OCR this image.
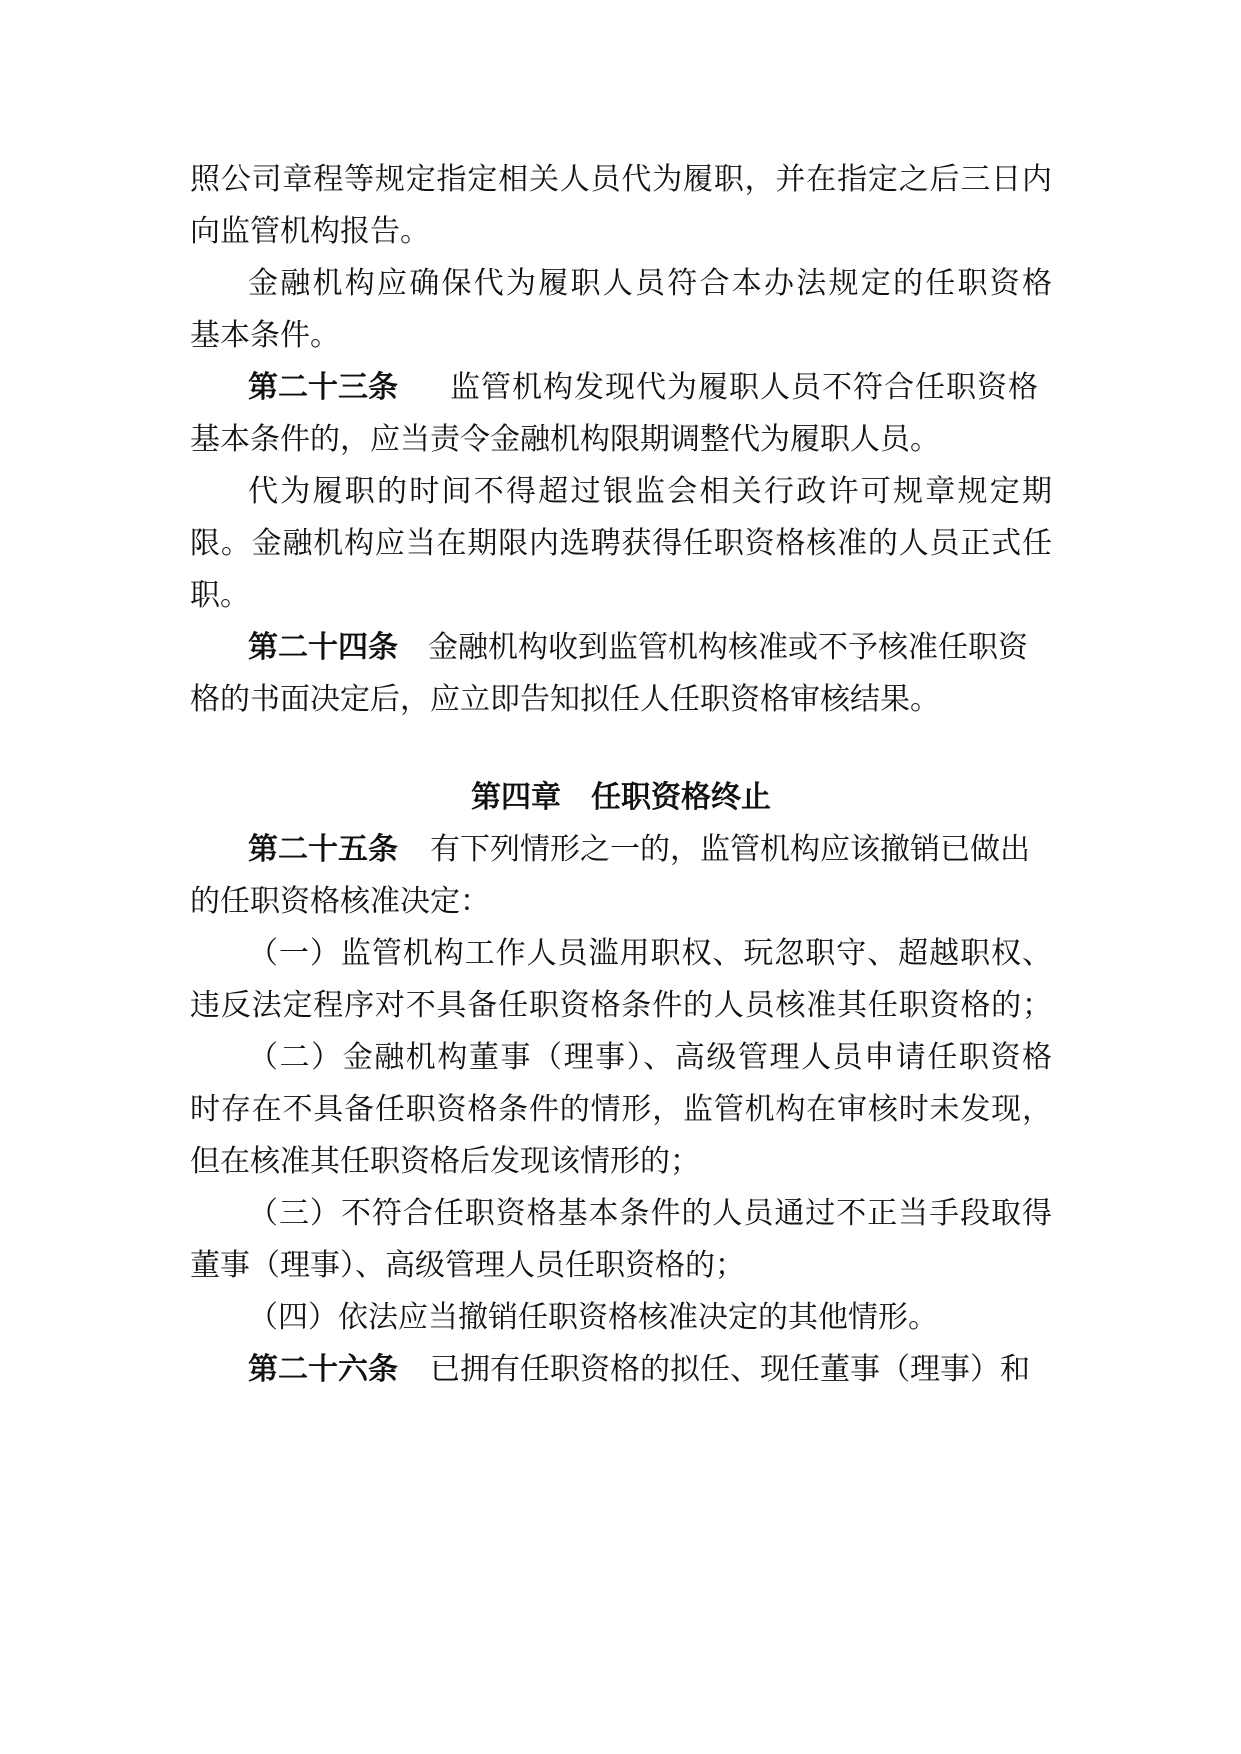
照公司章程等规定指定相关人员代为履职，并在指定之后三日内
向监管机构报告。
金融机构应确保代为履职人员符合本办法规定的任职资格
基本条件。
第二十三条 监管机构发现代为履职人员不符合任职资格
基本条件的，应当责令金融机构限期调整代为履职人员。
代为履职的时间不得超过银监会相关行政许可规章规定期
限。金融机构应当在期限内选聘获得任职资格核准的人员正式任
职。
第二十四条 金融机构收到监管机构核准或不予核准任职资
格的书面决定后，应立即告知拟任人任职资格审核结果。
第四章　任职资格终止
第二十五条 有下列情形之一的，监管机构应该撤销已做出
的任职资格核准决定：
（一）监管机构工作人员滥用职权、玩忽职守、超越职权、
违反法定程序对不具备任职资格条件的人员核准其任职资格的；
（二）金融机构董事（理事）、高级管理人员申请任职资格
时存在不具备任职资格条件的情形，监管机构在审核时未发现，
但在核准其任职资格后发现该情形的；
（三）不符合任职资格基本条件的人员通过不正当手段取得
董事（理事）、高级管理人员任职资格的；
（四）依法应当撤销任职资格核准决定的其他情形。
第二十六条 已拥有任职资格的拟任、现任董事（理事）和
